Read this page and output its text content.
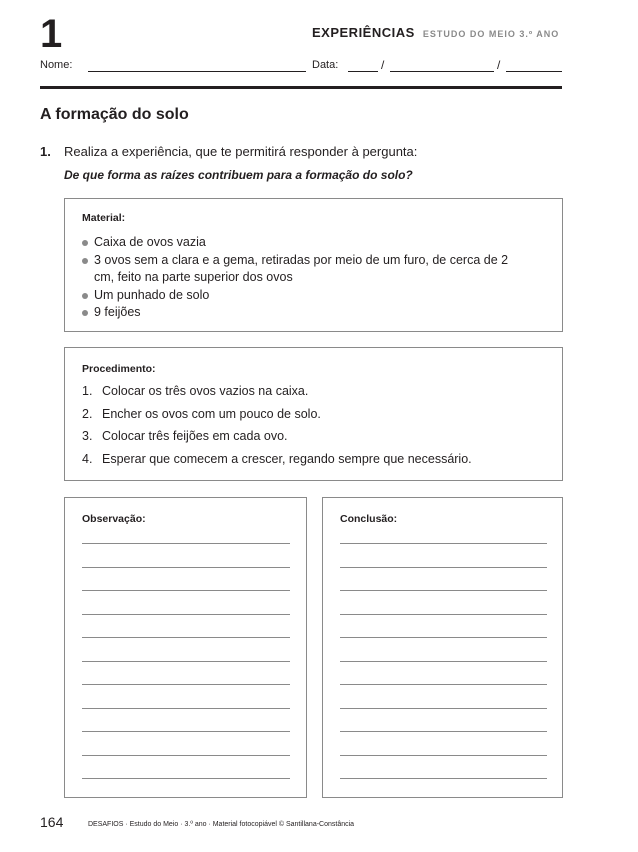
1	EXPERIÊNCIAS ESTUDO DO MEIO 3.º ANO
Nome:	Data:	/	/
A formação do solo
1. Realiza a experiência, que te permitirá responder à pergunta:
De que forma as raízes contribuem para a formação do solo?
Material:
Caixa de ovos vazia
3 ovos sem a clara e a gema, retiradas por meio de um furo, de cerca de 2 cm, feito na parte superior dos ovos
Um punhado de solo
9 feijões
Procedimento:
1. Colocar os três ovos vazios na caixa.
2. Encher os ovos com um pouco de solo.
3. Colocar três feijões em cada ovo.
4. Esperar que comecem a crescer, regando sempre que necessário.
Observação:	Conclusão:
164	DESAFIOS · Estudo do Meio · 3.º ano · Material fotocopiável © Santillana-Constância
